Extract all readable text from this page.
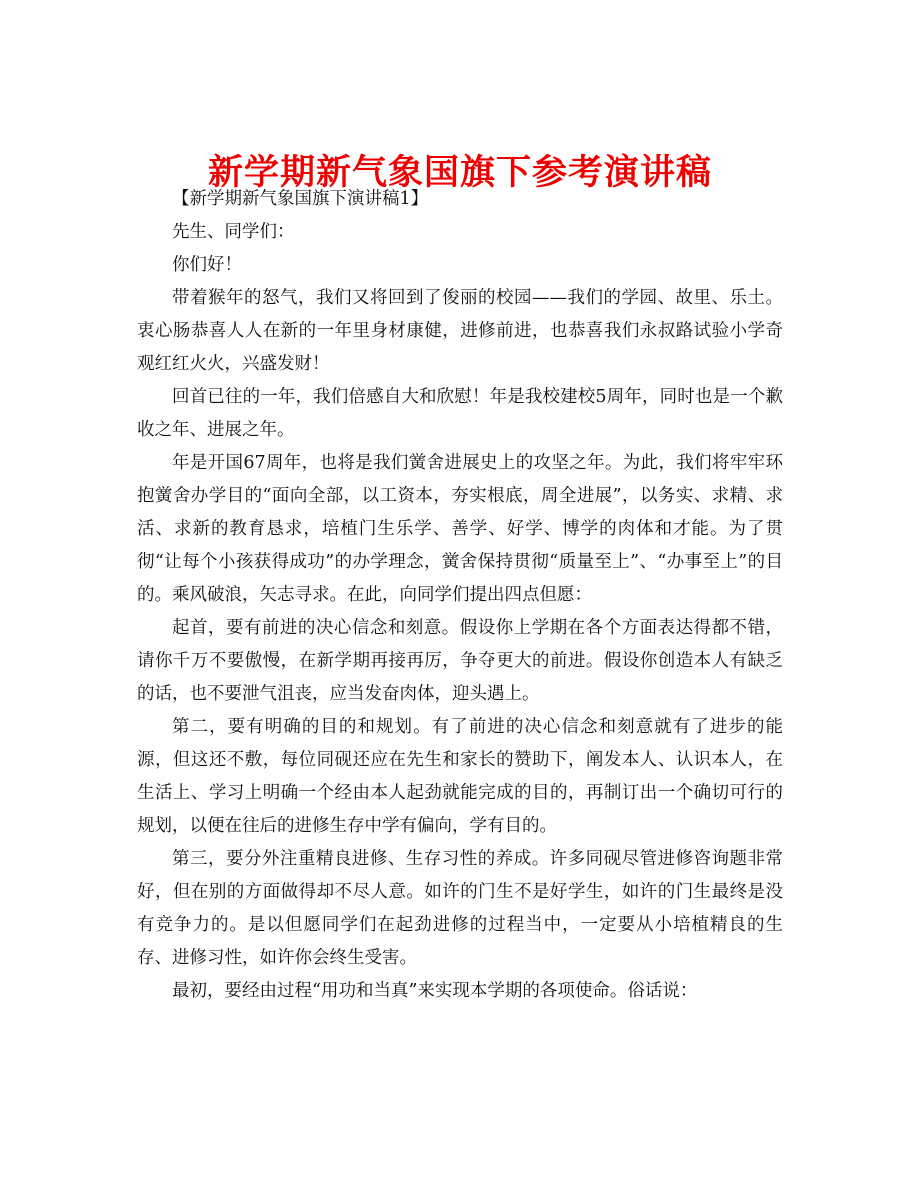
新学期新气象国旗下参考演讲稿

【新学期新气象国旗下演讲稿1】

先生、同学们：

你们好！

带着猴年的怒气，我们又将回到了俊丽的校园——我们的学园、故里、乐土。衷心肠恭喜人人在新的一年里身材康健，进修前进，也恭喜我们永叔路试验小学奇观红红火火，兴盛发财！

回首已往的一年，我们倍感自大和欣慰！年是我校建校5周年，同时也是一个歉收之年、进展之年。

年是开国67周年，也将是我们黉舍进展史上的攻坚之年。为此，我们将牢牢环抱黉舍办学目的“面向全部，以工资本，夯实根底，周全进展”，以务实、求精、求活、求新的教育恳求，培植门生乐学、善学、好学、博学的肉体和才能。为了贯彻“让每个小孩获得成功”的办学理念，黉舍保持贯彻“质量至上”、“办事至上”的目的。乘风破浪，矢志寻求。在此，向同学们提出四点但愿：

起首，要有前进的决心信念和刻意。假设你上学期在各个方面表达得都不错，请你千万不要傲慢，在新学期再接再厉，争夺更大的前进。假设你创造本人有缺乏的话，也不要泄气沮丧，应当发奋肉体，迎头遇上。

第二，要有明确的目的和规划。有了前进的决心信念和刻意就有了进步的能源，但这还不敷，每位同砚还应在先生和家长的赞助下，阐发本人、认识本人，在生活上、学习上明确一个经由本人起劲就能完成的目的，再制订出一个确切可行的规划，以便在往后的进修生存中学有偏向，学有目的。

第三，要分外注重精良进修、生存习性的养成。许多同砚尽管进修咨询题非常好，但在别的方面做得却不尽人意。如许的门生不是好学生，如许的门生最终是没有竞争力的。是以但愿同学们在起劲进修的过程当中，一定要从小培植精良的生存、进修习性，如许你会终生受害。

最初，要经由过程“用功和当真”来实现本学期的各项使命。俗话说：
